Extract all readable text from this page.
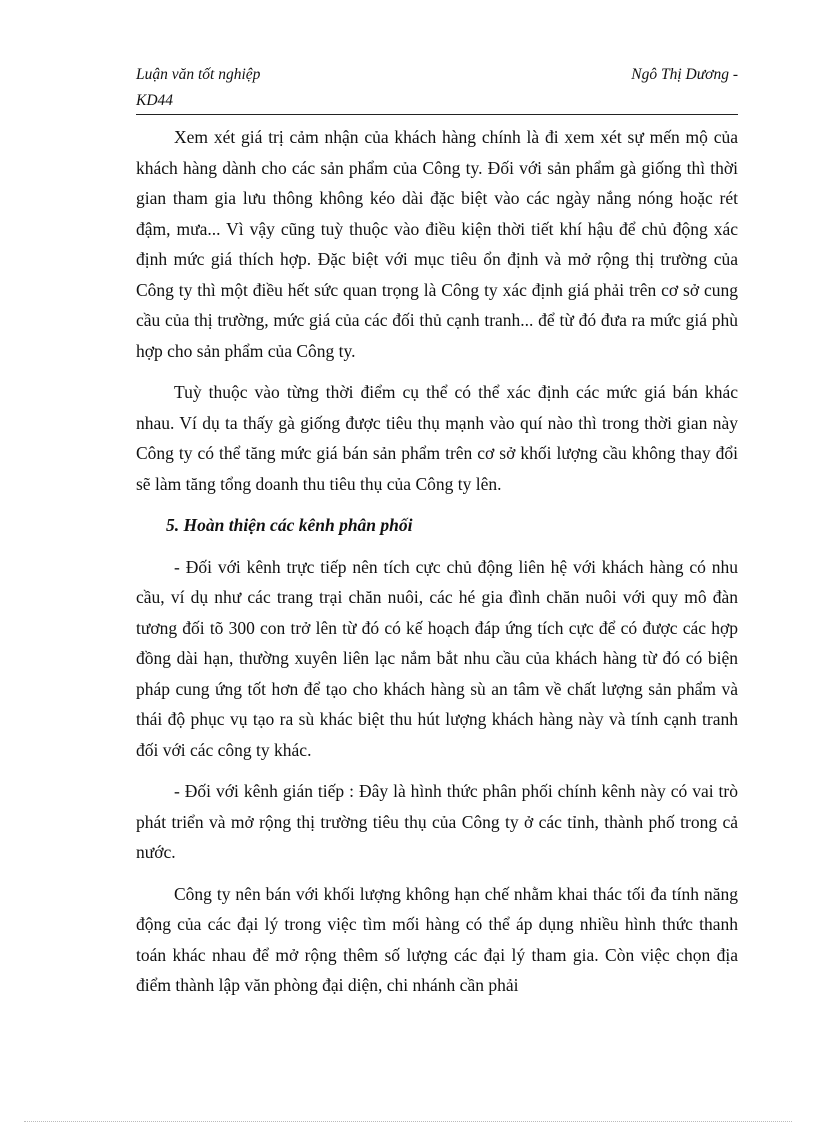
Luận văn tốt nghiệp	Ngô Thị Dương -
KD44

Xem xét giá trị cảm nhận của khách hàng chính là đi xem xét sự mến mộ của khách hàng dành cho các sản phẩm của Công ty. Đối với sản phẩm gà giống thì thời gian tham gia lưu thông không kéo dài đặc biệt vào các ngày nắng nóng hoặc rét đậm, mưa... Vì vậy cũng tuỳ thuộc vào điều kiện thời tiết khí hậu để chủ động xác định mức giá thích hợp. Đặc biệt với mục tiêu ổn định và mở rộng thị trường của Công ty thì một điều hết sức quan trọng là Công ty xác định giá phải trên cơ sở cung cầu của thị trường, mức giá của các đối thủ cạnh tranh... để từ đó đưa ra mức giá phù hợp cho sản phẩm của Công ty.

Tuỳ thuộc vào từng thời điểm cụ thể có thể xác định các mức giá bán khác nhau. Ví dụ ta thấy gà giống được tiêu thụ mạnh vào quí nào thì trong thời gian này Công ty có thể tăng mức giá bán sản phẩm trên cơ sở khối lượng cầu không thay đổi sẽ làm tăng tổng doanh thu tiêu thụ của Công ty lên.

5. Hoàn thiện các kênh phân phối

- Đối với kênh trực tiếp nên tích cực chủ động liên hệ với khách hàng có nhu cầu, ví dụ như các trang trại chăn nuôi, các hé gia đình chăn nuôi với quy mô đàn tương đối tõ 300 con trở lên từ đó có kế hoạch đáp ứng tích cực để có được các hợp đồng dài hạn, thường xuyên liên lạc nắm bắt nhu cầu của khách hàng từ đó có biện pháp cung ứng tốt hơn để tạo cho khách hàng sù an tâm về chất lượng sản phẩm và thái độ phục vụ tạo ra sù khác biệt thu hút lượng khách hàng này và tính cạnh tranh đối với các công ty khác.

- Đối với kênh gián tiếp : Đây là hình thức phân phối chính kênh này có vai trò phát triển và mở rộng thị trường tiêu thụ của Công ty ở các tỉnh, thành phố trong cả nước.

Công ty nên bán với khối lượng không hạn chế nhằm khai thác tối đa tính năng động của các đại lý trong việc tìm mối hàng có thể áp dụng nhiều hình thức thanh toán khác nhau để mở rộng thêm số lượng các đại lý tham gia. Còn việc chọn địa điểm thành lập văn phòng đại diện, chi nhánh cần phải
